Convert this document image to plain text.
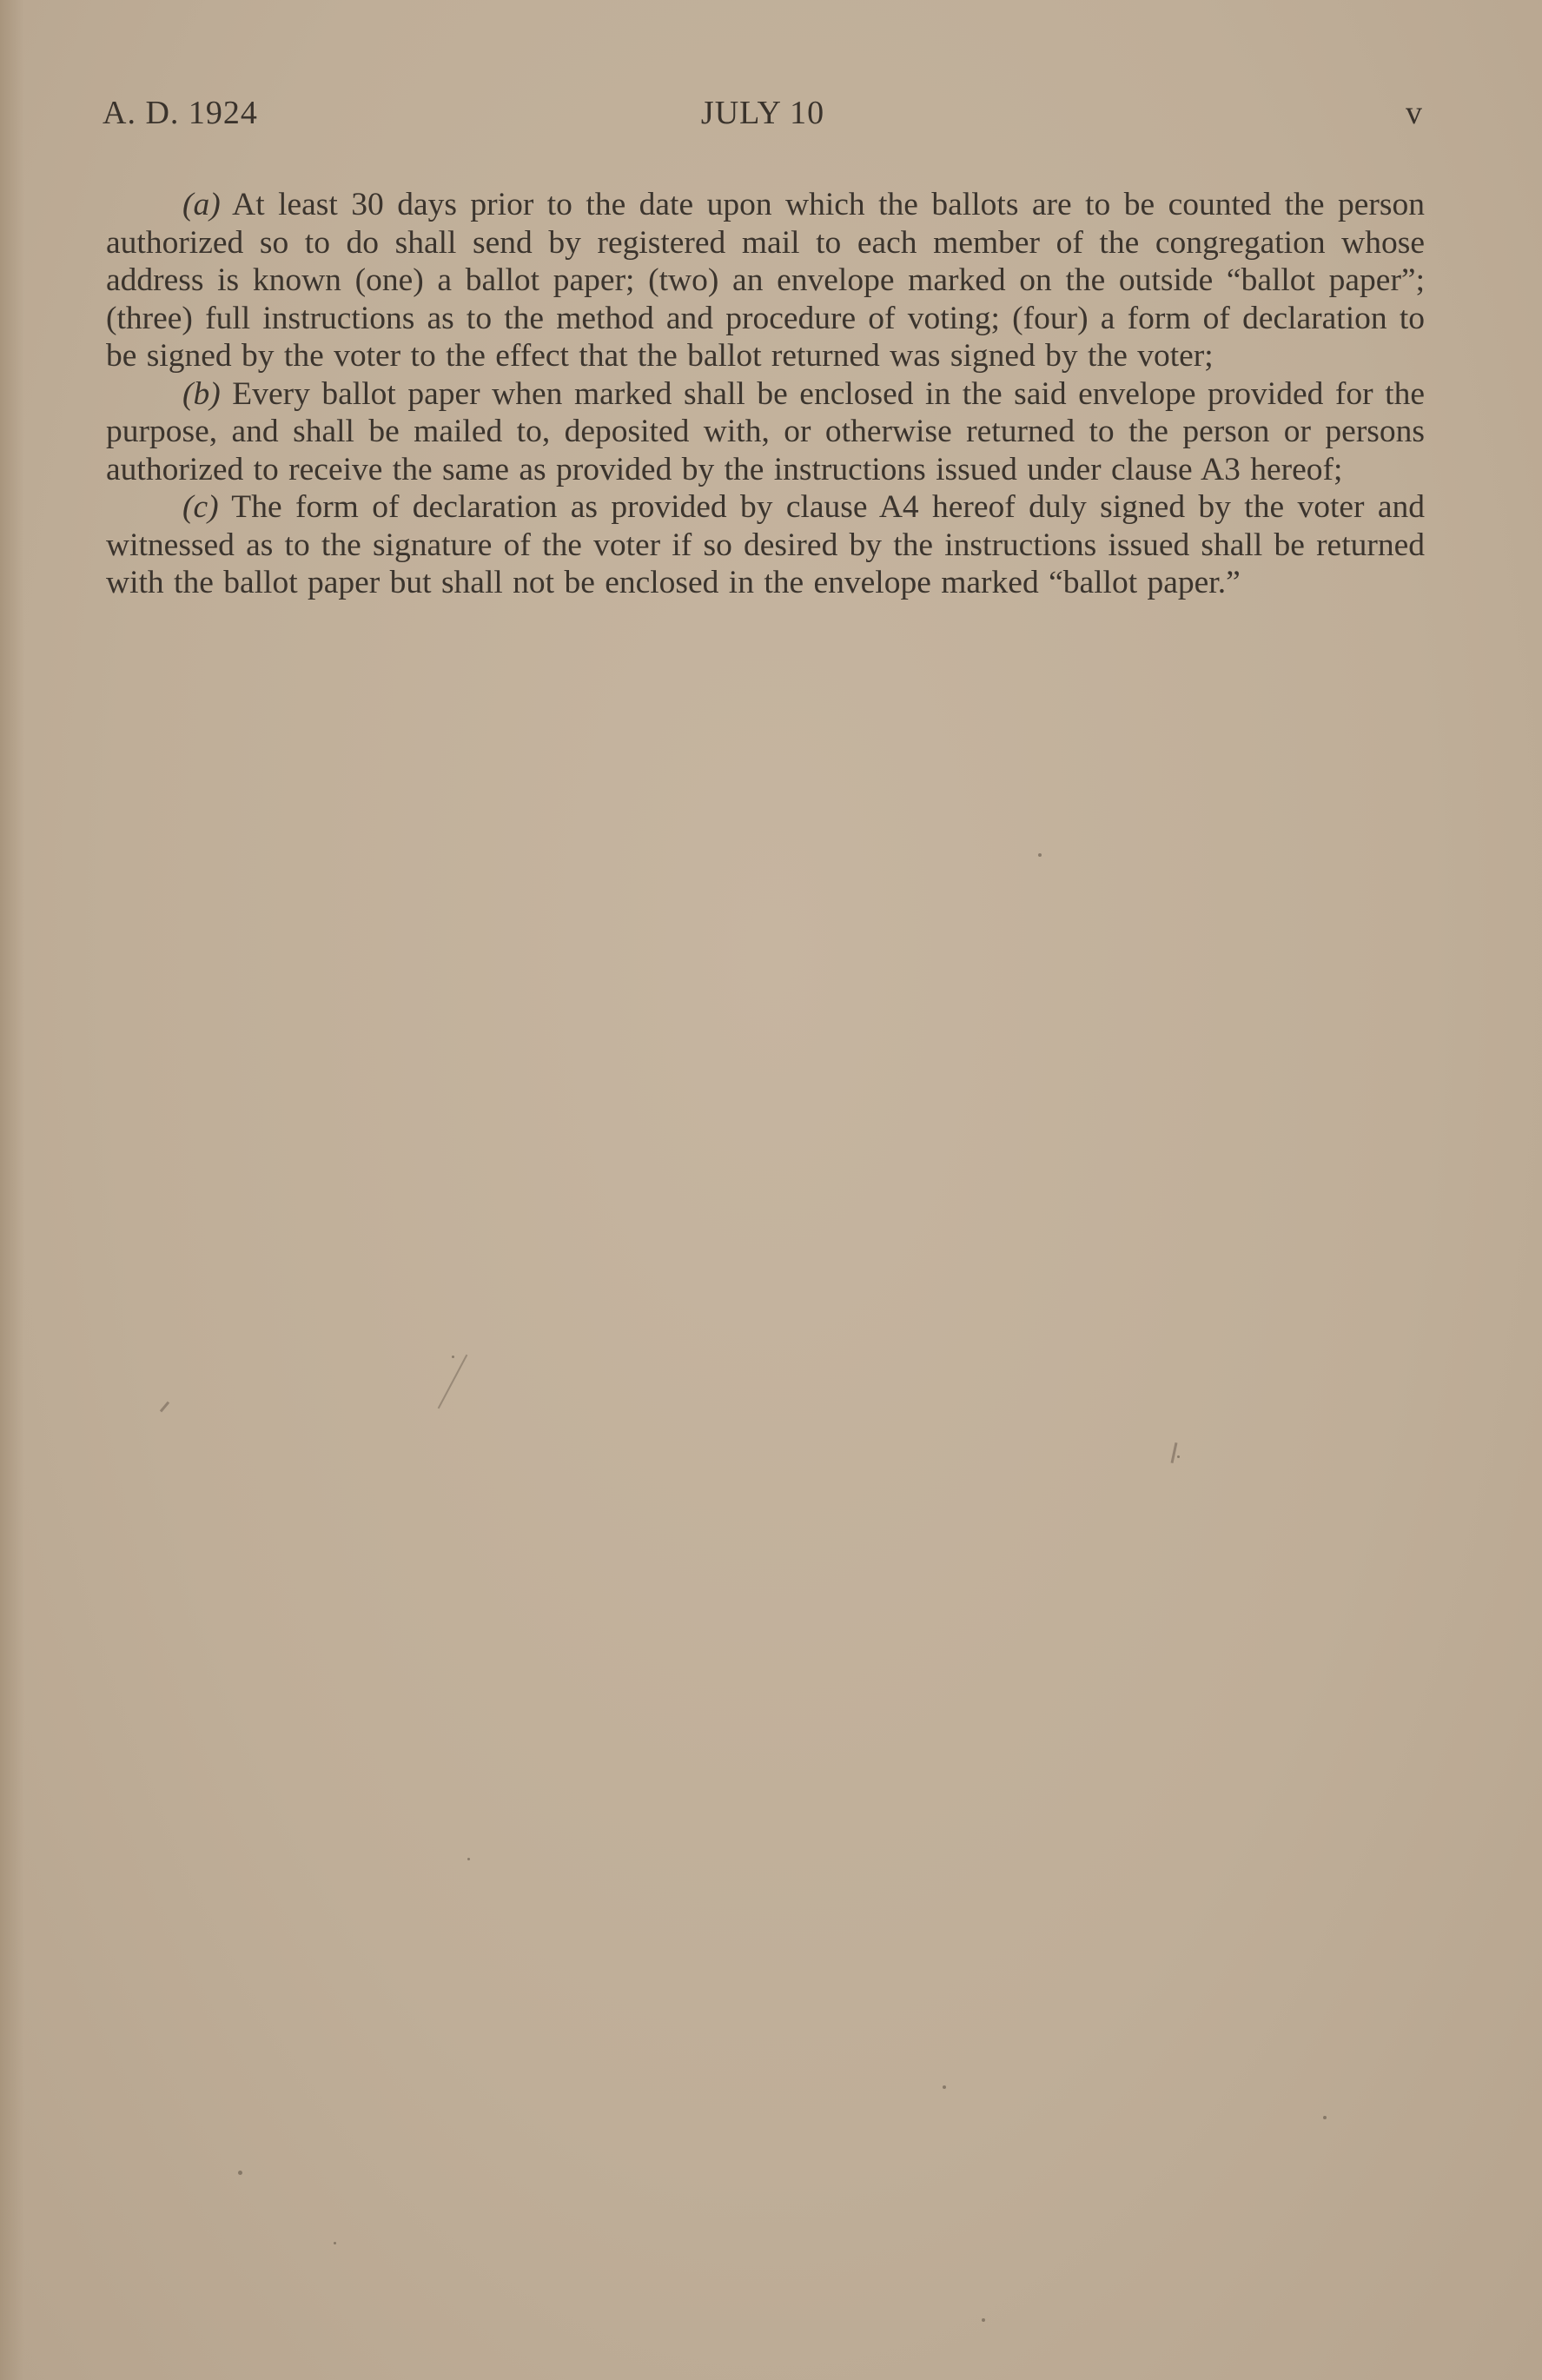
A. D. 1924	JULY 10	v

(a) At least 30 days prior to the date upon which the ballots are to be counted the person authorized so to do shall send by registered mail to each member of the congregation whose address is known (one) a ballot paper; (two) an envelope marked on the outside “ballot paper”; (three) full instructions as to the method and procedure of voting; (four) a form of declaration to be signed by the voter to the effect that the ballot returned was signed by the voter;

(b) Every ballot paper when marked shall be enclosed in the said envelope provided for the purpose, and shall be mailed to, deposited with, or otherwise returned to the person or persons authorized to receive the same as provided by the instructions issued under clause A3 hereof;

(c) The form of declaration as provided by clause A4 hereof duly signed by the voter and witnessed as to the signature of the voter if so desired by the instructions issued shall be returned with the ballot paper but shall not be enclosed in the envelope marked “ballot paper.”
